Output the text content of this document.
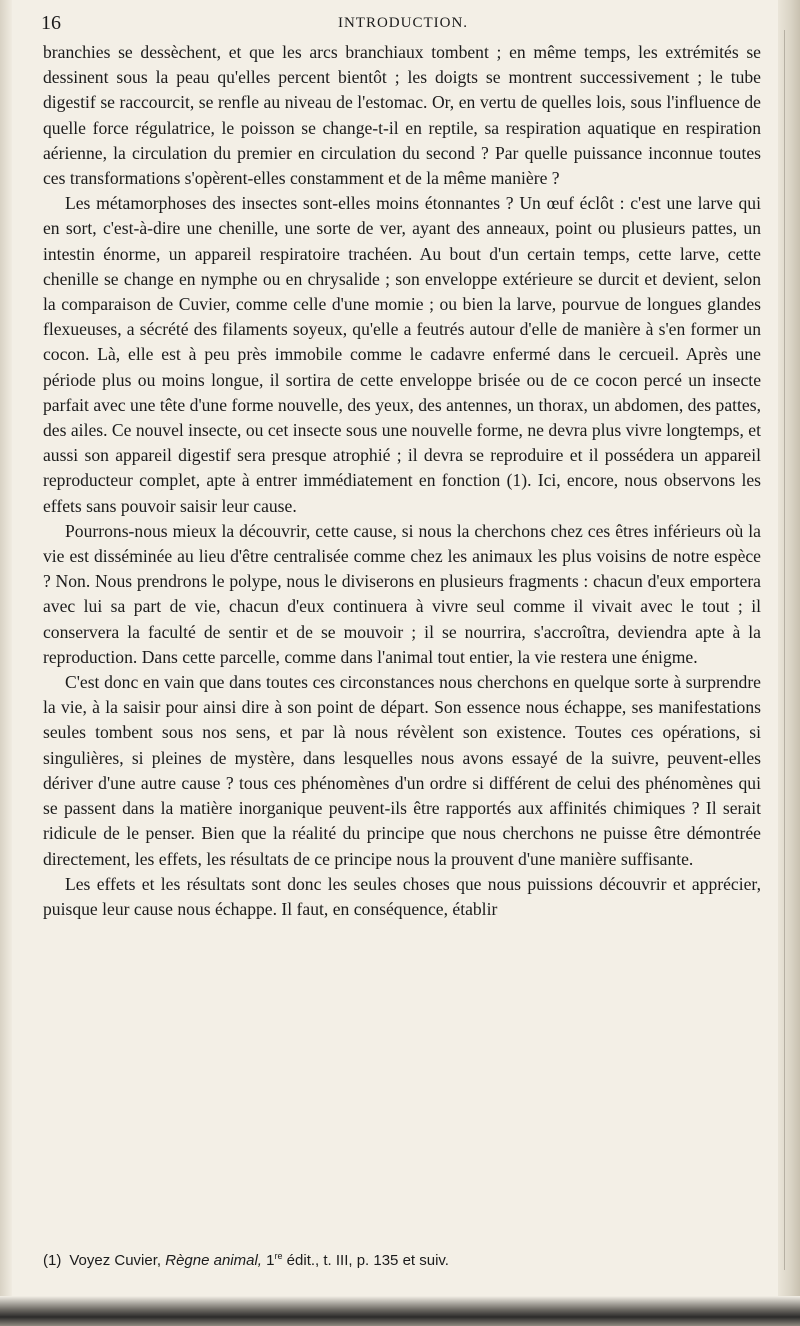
16	INTRODUCTION.

branchies se dessèchent, et que les arcs branchiaux tombent ; en même temps, les extrémités se dessinent sous la peau qu'elles percent bientôt ; les doigts se montrent successivement ; le tube digestif se raccourcit, se renfle au niveau de l'estomac. Or, en vertu de quelles lois, sous l'influence de quelle force régulatrice, le poisson se change-t-il en reptile, sa respiration aquatique en respiration aérienne, la circulation du premier en circulation du second ? Par quelle puissance inconnue toutes ces transformations s'opèrent-elles constamment et de la même manière ?

Les métamorphoses des insectes sont-elles moins étonnantes ? Un œuf éclôt : c'est une larve qui en sort, c'est-à-dire une chenille, une sorte de ver, ayant des anneaux, point ou plusieurs pattes, un intestin énorme, un appareil respiratoire trachéen. Au bout d'un certain temps, cette larve, cette chenille se change en nymphe ou en chrysalide ; son enveloppe extérieure se durcit et devient, selon la comparaison de Cuvier, comme celle d'une momie ; ou bien la larve, pourvue de longues glandes flexueuses, a sécrété des filaments soyeux, qu'elle a feutrés autour d'elle de manière à s'en former un cocon. Là, elle est à peu près immobile comme le cadavre enfermé dans le cercueil. Après une période plus ou moins longue, il sortira de cette enveloppe brisée ou de ce cocon percé un insecte parfait avec une tête d'une forme nouvelle, des yeux, des antennes, un thorax, un abdomen, des pattes, des ailes. Ce nouvel insecte, ou cet insecte sous une nouvelle forme, ne devra plus vivre longtemps, et aussi son appareil digestif sera presque atrophié ; il devra se reproduire et il possédera un appareil reproducteur complet, apte à entrer immédiatement en fonction (1). Ici, encore, nous observons les effets sans pouvoir saisir leur cause.

Pourrons-nous mieux la découvrir, cette cause, si nous la cherchons chez ces êtres inférieurs où la vie est disséminée au lieu d'être centralisée comme chez les animaux les plus voisins de notre espèce ? Non. Nous prendrons le polype, nous le diviserons en plusieurs fragments : chacun d'eux emportera avec lui sa part de vie, chacun d'eux continuera à vivre seul comme il vivait avec le tout ; il conservera la faculté de sentir et de se mouvoir ; il se nourrira, s'accroîtra, deviendra apte à la reproduction. Dans cette parcelle, comme dans l'animal tout entier, la vie restera une énigme.

C'est donc en vain que dans toutes ces circonstances nous cherchons en quelque sorte à surprendre la vie, à la saisir pour ainsi dire à son point de départ. Son essence nous échappe, ses manifestations seules tombent sous nos sens, et par là nous révèlent son existence. Toutes ces opérations, si singulières, si pleines de mystère, dans lesquelles nous avons essayé de la suivre, peuvent-elles dériver d'une autre cause ? tous ces phénomènes d'un ordre si différent de celui des phénomènes qui se passent dans la matière inorganique peuvent-ils être rapportés aux affinités chimiques ? Il serait ridicule de le penser. Bien que la réalité du principe que nous cherchons ne puisse être démontrée directement, les effets, les résultats de ce principe nous la prouvent d'une manière suffisante.

Les effets et les résultats sont donc les seules choses que nous puissions découvrir et apprécier, puisque leur cause nous échappe. Il faut, en conséquence, établir

(1) Voyez Cuvier, Règne animal, 1re édit., t. III, p. 135 et suiv.
